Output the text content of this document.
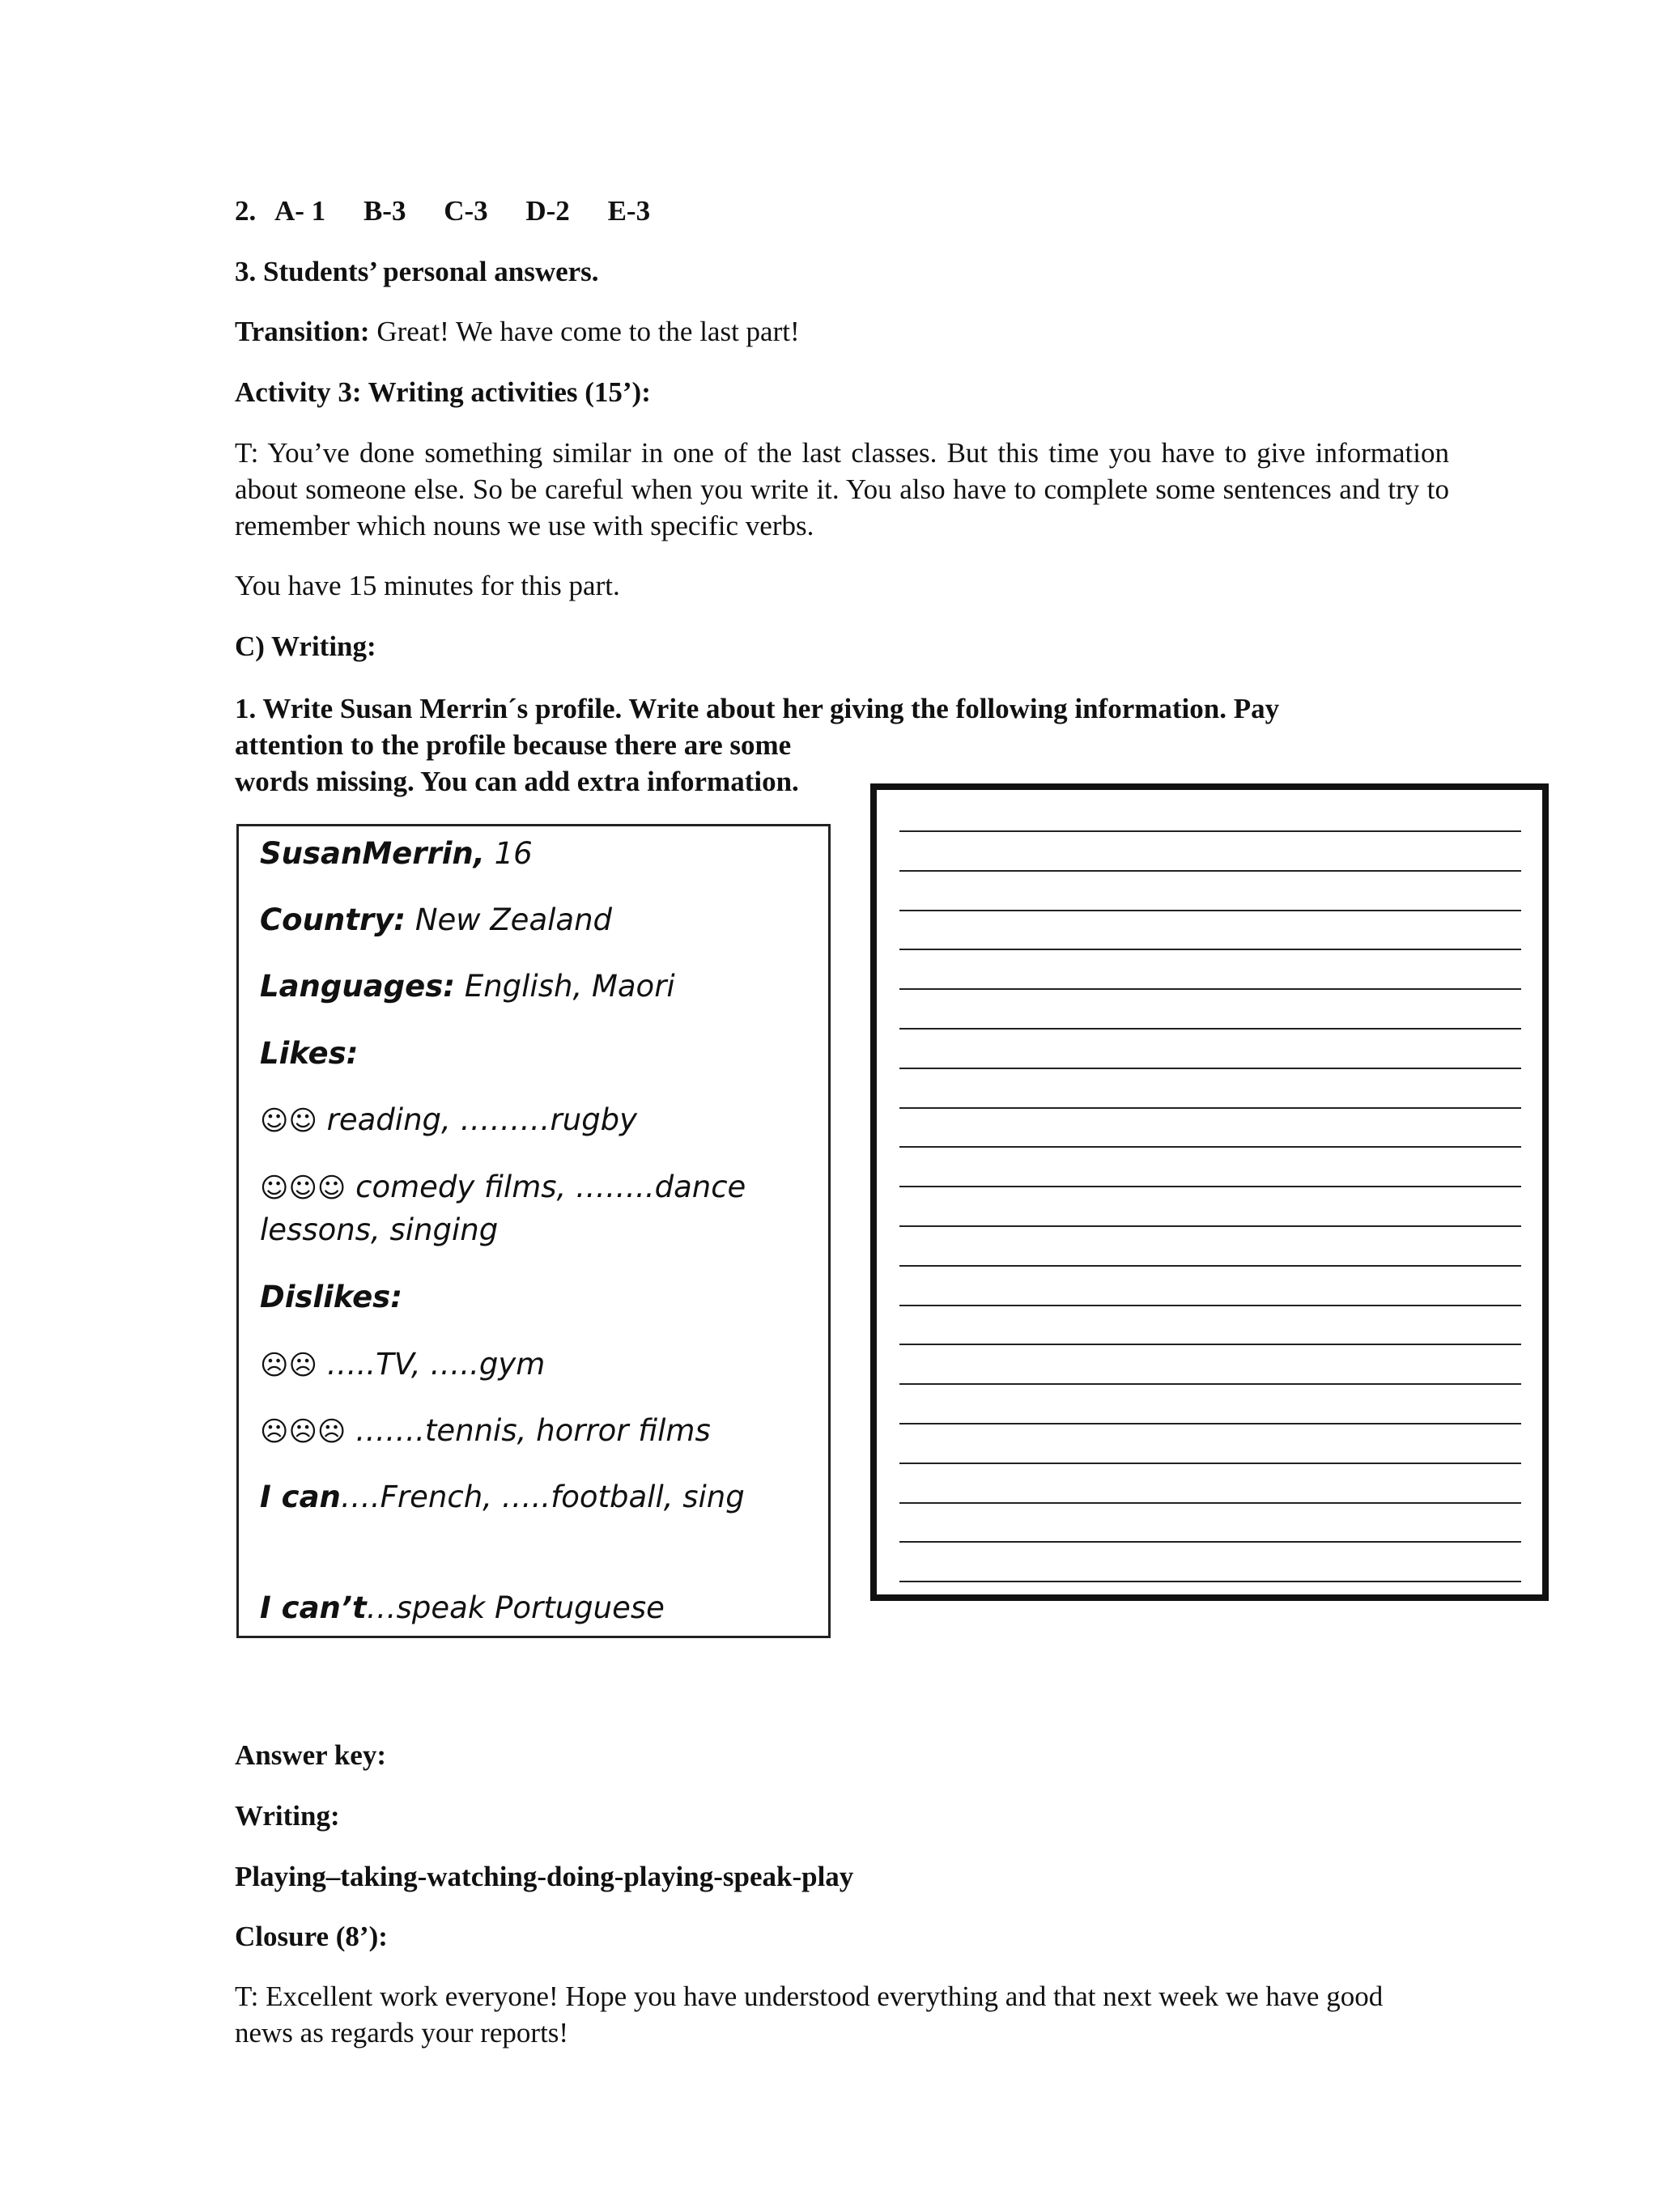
2. A- 1 B-3 C-3 D-2 E-3
3. Students’ personal answers.
Transition: Great! We have come to the last part!
Activity 3: Writing activities (15’):
T: You’ve done something similar in one of the last classes. But this time you have to give information about someone else. So be careful when you write it. You also have to complete some sentences and try to remember which nouns we use with specific verbs.
You have 15 minutes for this part.
C) Writing:
1. Write Susan Merrin´s profile. Write about her giving the following information. Pay
attention to the profile because there are some
words missing. You can add extra information.
SusanMerrin, 16
Country: New Zealand
Languages: English, Maori
Likes:
☺☺ reading, ………rugby
☺☺☺ comedy films, ……..dance lessons, singing
Dislikes:
☹☹ …..TV, …..gym
☹☹☹ …….tennis, horror films
I can….French, …..football, sing
I can’t…speak Portuguese
Answer key:
Writing:
Playing–taking-watching-doing-playing-speak-play
Closure (8’):
T: Excellent work everyone! Hope you have understood everything and that next week we have good news as regards your reports!
